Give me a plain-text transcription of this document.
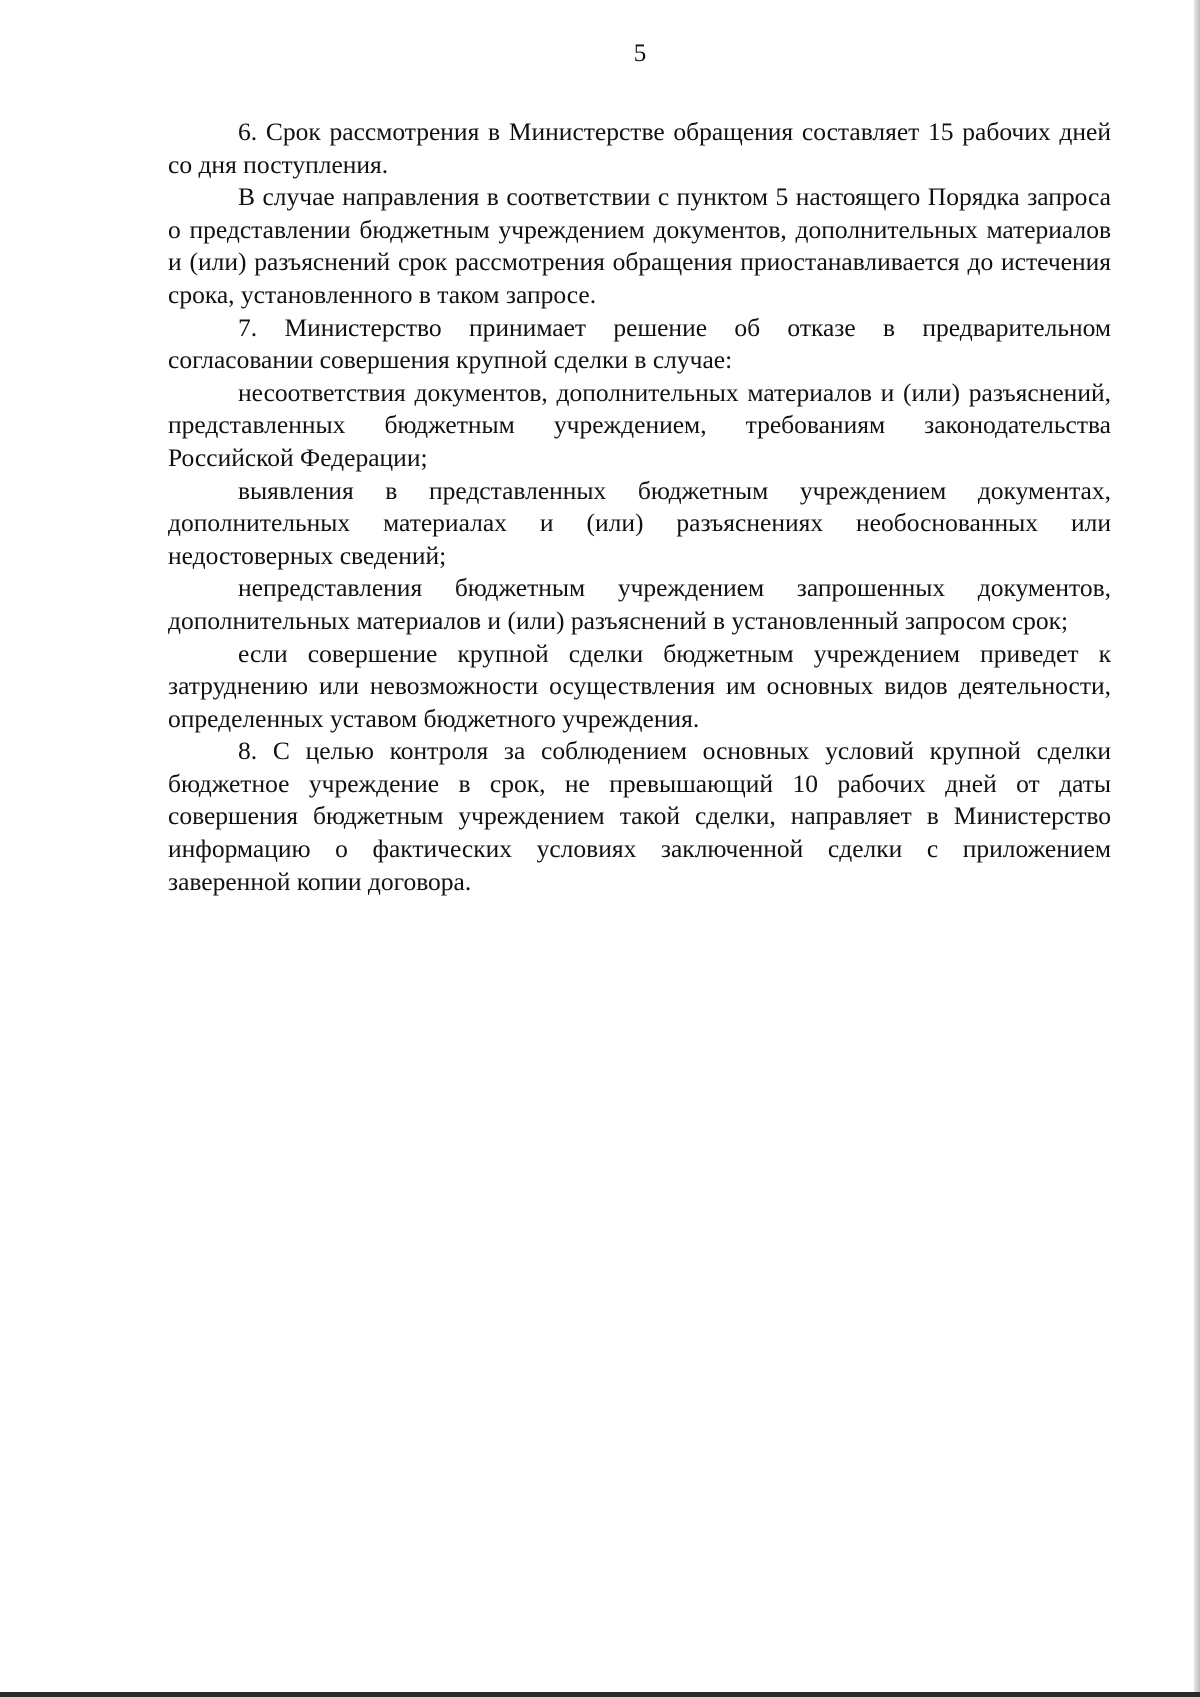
5

6. Срок рассмотрения в Министерстве обращения составляет 15 рабочих дней со дня поступления.

В случае направления в соответствии с пунктом 5 настоящего Порядка запроса о представлении бюджетным учреждением документов, дополнительных материалов и (или) разъяснений срок рассмотрения обращения приостанавливается до истечения срока, установленного в таком запросе.

7. Министерство принимает решение об отказе в предварительном согласовании совершения крупной сделки в случае:

несоответствия документов, дополнительных материалов и (или) разъяснений, представленных бюджетным учреждением, требованиям законодательства Российской Федерации;

выявления в представленных бюджетным учреждением документах, дополнительных материалах и (или) разъяснениях необоснованных или недостоверных сведений;

непредставления бюджетным учреждением запрошенных документов, дополнительных материалов и (или) разъяснений в установленный запросом срок;

если совершение крупной сделки бюджетным учреждением приведет к затруднению или невозможности осуществления им основных видов деятельности, определенных уставом бюджетного учреждения.

8. С целью контроля за соблюдением основных условий крупной сделки бюджетное учреждение в срок, не превышающий 10 рабочих дней от даты совершения бюджетным учреждением такой сделки, направляет в Министерство информацию о фактических условиях заключенной сделки с приложением заверенной копии договора.
